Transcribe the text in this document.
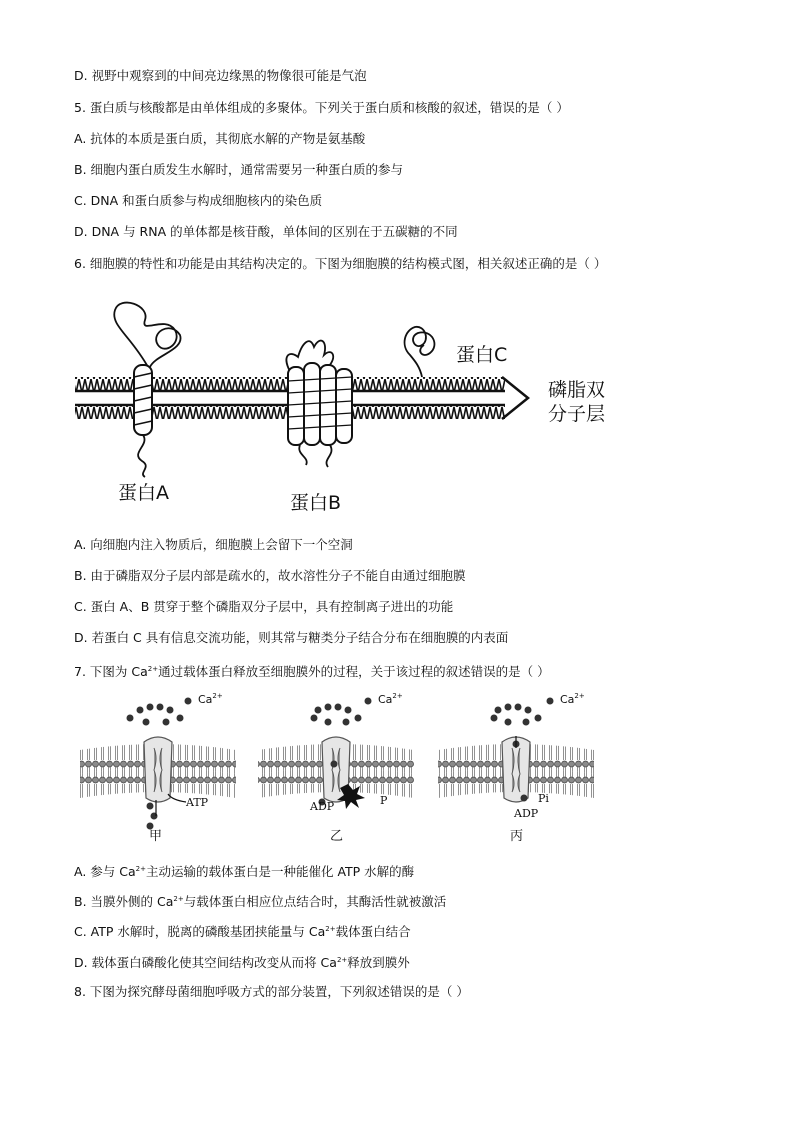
D. 视野中观察到的中间亮边缘黑的物像很可能是气泡
5. 蛋白质与核酸都是由单体组成的多聚体。下列关于蛋白质和核酸的叙述，错误的是（ ）
A. 抗体的本质是蛋白质，其彻底水解的产物是氨基酸
B. 细胞内蛋白质发生水解时，通常需要另一种蛋白质的参与
C. DNA 和蛋白质参与构成细胞核内的染色质
D. DNA 与 RNA 的单体都是核苷酸，单体间的区别在于五碳糖的不同
6. 细胞膜的特性和功能是由其结构决定的。下图为细胞膜的结构模式图，相关叙述正确的是（ ）
蛋白A	蛋白B
蛋白C
磷脂双
分子层
A. 向细胞内注入物质后，细胞膜上会留下一个空洞
B. 由于磷脂双分子层内部是疏水的，故水溶性分子不能自由通过细胞膜
C. 蛋白 A、B 贯穿于整个磷脂双分子层中，具有控制离子进出的功能
D. 若蛋白 C 具有信息交流功能，则其常与糖类分子结合分布在细胞膜的内表面
7. 下图为 $Ca^{2+}$通过载体蛋白释放至细胞膜外的过程，关于该过程的叙述错误的是（ ）
$Ca^{2+}$	$Ca^{2+}$	$Ca^{2+}$
ATP	ADP	P	Pi
ADP
甲	乙	丙
A. 参与 $Ca^{2+}$主动运输的载体蛋白是一种能催化 ATP 水解的酶
B. 当膜外侧的 $Ca^{2+}$与载体蛋白相应位点结合时，其酶活性就被激活
C. ATP 水解时，脱离的磷酸基团挟能量与 $Ca^{2+}$载体蛋白结合
D. 载体蛋白磷酸化使其空间结构改变从而将 $Ca^{2+}$释放到膜外
8. 下图为探究酵母菌细胞呼吸方式的部分装置，下列叙述错误的是（ ）
